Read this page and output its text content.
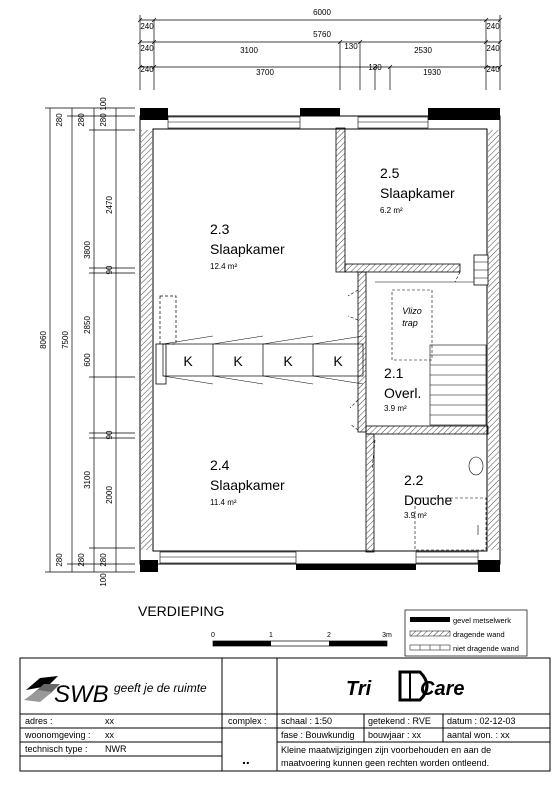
6000
5760
240	240
240	240
240	240
3100	130	2530
3700
130
1930
8060 7500
3100
600
2850
3800
2000
90
90
2470
280 280 280
100
280 280 280
100
K	K	K	K
Vlizo
trap
2.3
Slaapkamer
12.4 m²
2.5
Slaapkamer
6.2 m²
2.1
Overl.
3.9 m²
2.4
Slaapkamer
11.4 m²
2.2
Douche
3.9 m²
VERDIEPING
0	1	2	3m
gevel metselwerk
dragende wand
niet dragende wand
SWB geeft je de ruimte	Tri Care
adres :	xx
woonomgeving : xx
technisch type : NWR
complex :
..
schaal : 1:50	getekend : RVE datum : 02-12-03
fase : Bouwkundig bouwjaar : xx	aantal won. : xx
Kleine maatwijzigingen zijn voorbehouden en aan de
maatvoering kunnen geen rechten worden ontleend.
